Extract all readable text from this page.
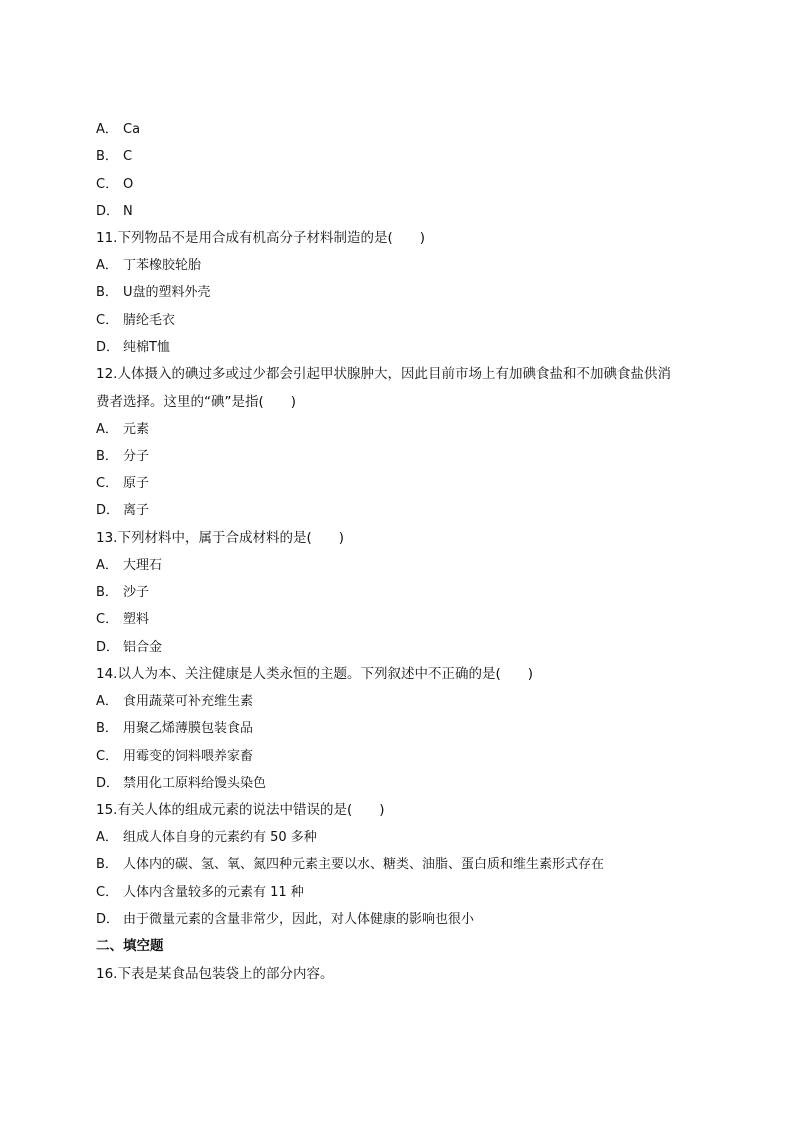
A． Ca
B． C
C． O
D． N
11.下列物品不是用合成有机高分子材料制造的是(　　)
A． 丁苯橡胶轮胎
B． U盘的塑料外壳
C． 腈纶毛衣
D． 纯棉T恤
12.人体摄入的碘过多或过少都会引起甲状腺肿大，因此目前市场上有加碘食盐和不加碘食盐供消
费者选择。这里的“碘”是指(　　)
A． 元素
B． 分子
C． 原子
D． 离子
13.下列材料中，属于合成材料的是(　　)
A． 大理石
B． 沙子
C． 塑料
D． 铝合金
14.以人为本、关注健康是人类永恒的主题。下列叙述中不正确的是(　　)
A． 食用蔬菜可补充维生素
B． 用聚乙烯薄膜包装食品
C． 用霉变的饲料喂养家畜
D． 禁用化工原料给馒头染色
15.有关人体的组成元素的说法中错误的是(　　)
A． 组成人体自身的元素约有 50 多种
B． 人体内的碳、氢、氧、氮四种元素主要以水、糖类、油脂、蛋白质和维生素形式存在
C． 人体内含量较多的元素有 11 种
D． 由于微量元素的含量非常少，因此，对人体健康的影响也很小
二、填空题
16.下表是某食品包装袋上的部分内容。
